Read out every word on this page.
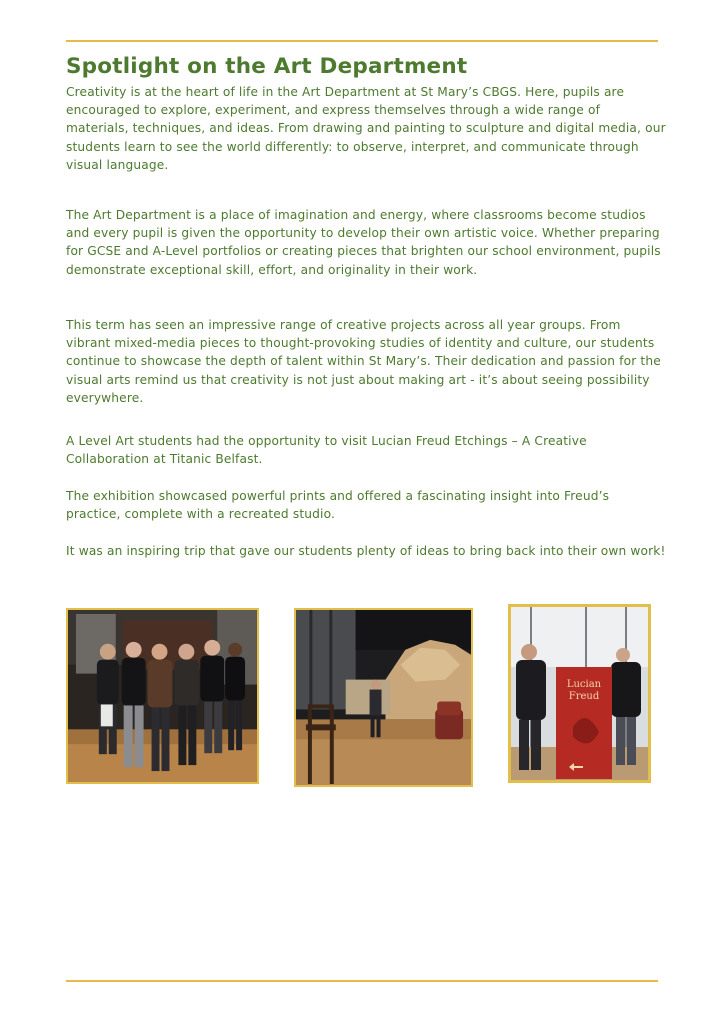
Spotlight on the Art Department

Creativity is at the heart of life in the Art Department at St Mary’s CBGS. Here, pupils are encouraged to explore, experiment, and express themselves through a wide range of materials, techniques, and ideas. From drawing and painting to sculpture and digital media, our students learn to see the world differently: to observe, interpret, and communicate through visual language.

The Art Department is a place of imagination and energy, where classrooms become studios and every pupil is given the opportunity to develop their own artistic voice. Whether preparing for GCSE and A-Level portfolios or creating pieces that brighten our school environment, pupils demonstrate exceptional skill, effort, and originality in their work.

This term has seen an impressive range of creative projects across all year groups. From vibrant mixed-media pieces to thought-provoking studies of identity and culture, our students continue to showcase the depth of talent within St Mary’s. Their dedication and passion for the visual arts remind us that creativity is not just about making art - it’s about seeing possibility everywhere.

A Level Art students had the opportunity to visit Lucian Freud Etchings – A Creative Collaboration at Titanic Belfast.

The exhibition showcased powerful prints and offered a fascinating insight into Freud’s practice, complete with a recreated studio.

It was an inspiring trip that gave our students plenty of ideas to bring back into their own work!

Lucian
Freud
